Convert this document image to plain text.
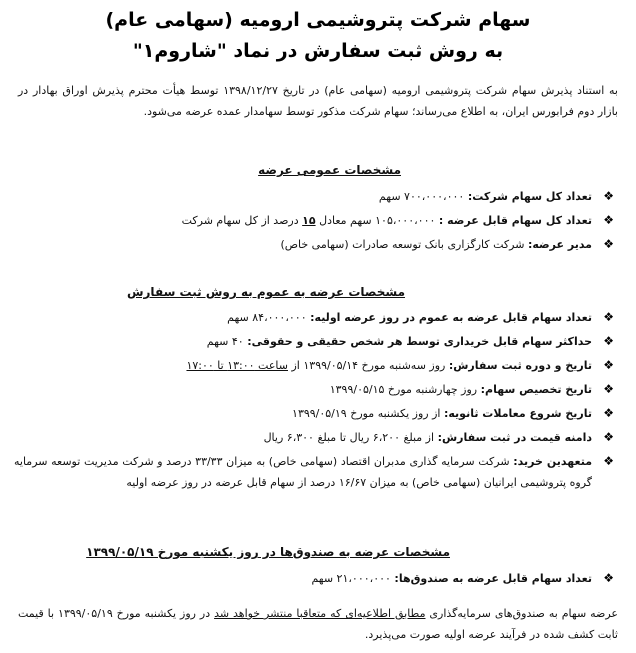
سهام شرکت پتروشیمی ارومیه (سهامی عام)
به روش ثبت سفارش در نماد "شاروم۱"

به استناد پذیرش سهام شرکت پتروشیمی ارومیه (سهامی عام) در تاریخ ۱۳۹۸/۱۲/۲۷ توسط هیأت محترم پذیرش اوراق بهادار در بازار دوم فرابورس ایران، به اطلاع می‌رساند؛ سهام شرکت مذکور توسط سهامدار عمده عرضه می‌شود.

مشخصات عمومی عرضه
❖
تعداد کل سهام شرکت: ۷۰۰،۰۰۰،۰۰۰ سهم
❖
تعداد کل سهام قابل عرضه : ۱۰۵،۰۰۰،۰۰۰ سهم معادل ۱۵ درصد از کل سهام شرکت
❖
مدیر عرضه: شرکت کارگزاری بانک توسعه صادرات (سهامی خاص)
مشخصات عرضه به عموم به روش ثبت سفارش
❖
تعداد سهام قابل عرضه به عموم در روز عرضه اولیه: ۸۴،۰۰۰،۰۰۰ سهم
❖
حداکثر سهام قابل خریداری توسط هر شخص حقیقی و حقوقی: ۴۰ سهم
❖
تاریخ و دوره ثبت سفارش: روز سه‌شنبه مورخ ۱۳۹۹/۰۵/۱۴ از ساعت ۱۳:۰۰ تا ۱۷:۰۰
❖
تاریخ تخصیص سهام: روز چهارشنبه مورخ ۱۳۹۹/۰۵/۱۵
❖
تاریخ شروع معاملات ثانویه: از روز یکشنبه مورخ ۱۳۹۹/۰۵/۱۹
❖
دامنه قیمت در ثبت سفارش: از مبلغ ۶،۲۰۰ ریال تا مبلغ ۶،۳۰۰ ریال
❖
متعهدین خرید: شرکت سرمایه گذاری مدبران اقتصاد (سهامی خاص) به میزان ۳۳/۳۳ درصد و شرکت مدیریت توسعه سرمایه گروه پتروشیمی ایرانیان (سهامی خاص) به میزان ۱۶/۶۷ درصد از سهام قابل عرضه در روز عرضه اولیه
مشخصات عرضه به صندوق‌ها در روز یکشنبه مورخ ۱۳۹۹/۰۵/۱۹
❖
تعداد سهام قابل عرضه به صندوق‌ها: ۲۱،۰۰۰،۰۰۰ سهم

عرضه سهام به صندوق‌های سرمایه‌گذاری مطابق اطلاعیه‌ای که متعاقبا منتشر خواهد شد در روز یکشنبه مورخ ۱۳۹۹/۰۵/۱۹ با قیمت ثابت کشف شده در فرآیند عرضه اولیه صورت می‌پذیرد.
